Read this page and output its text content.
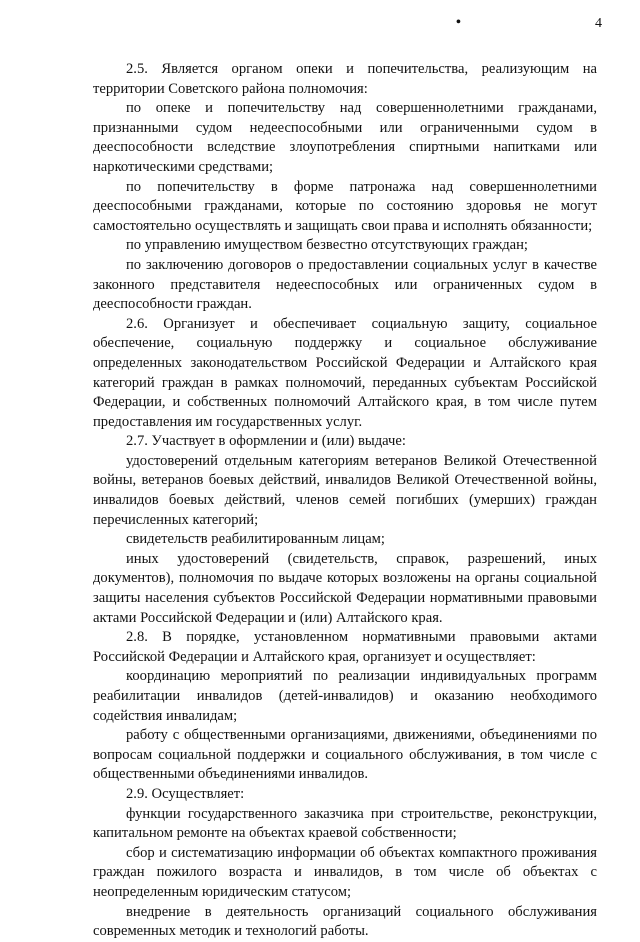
•	4

2.5. Является органом опеки и попечительства, реализующим на территории Советского района полномочия:

по опеке и попечительству над совершеннолетними гражданами, признанными судом недееспособными или ограниченными судом в дееспособности вследствие злоупотребления спиртными напитками или наркотическими средствами;

по попечительству в форме патронажа над совершеннолетними дееспособными гражданами, которые по состоянию здоровья не могут самостоятельно осуществлять и защищать свои права и исполнять обязанности;

по управлению имуществом безвестно отсутствующих граждан;

по заключению договоров о предоставлении социальных услуг в качестве законного представителя недееспособных или ограниченных судом в дееспособности граждан.

2.6. Организует и обеспечивает социальную защиту, социальное обеспечение, социальную поддержку и социальное обслуживание определенных законодательством Российской Федерации и Алтайского края категорий граждан в рамках полномочий, переданных субъектам Российской Федерации, и собственных полномочий Алтайского края, в том числе путем предоставления им государственных услуг.

2.7. Участвует в оформлении и (или) выдаче:

удостоверений отдельным категориям ветеранов Великой Отечественной войны, ветеранов боевых действий, инвалидов Великой Отечественной войны, инвалидов боевых действий, членов семей погибших (умерших) граждан перечисленных категорий;

свидетельств реабилитированным лицам;

иных удостоверений (свидетельств, справок, разрешений, иных документов), полномочия по выдаче которых возложены на органы социальной защиты населения субъектов Российской Федерации нормативными правовыми актами Российской Федерации и (или) Алтайского края.

2.8. В порядке, установленном нормативными правовыми актами Российской Федерации и Алтайского края, организует и осуществляет:

координацию мероприятий по реализации индивидуальных программ реабилитации инвалидов (детей-инвалидов) и оказанию необходимого содействия инвалидам;

работу с общественными организациями, движениями, объединениями по вопросам социальной поддержки и социального обслуживания, в том числе с общественными объединениями инвалидов.

2.9. Осуществляет:

функции государственного заказчика при строительстве, реконструкции, капитальном ремонте на объектах краевой собственности;

сбор и систематизацию информации об объектах компактного проживания граждан пожилого возраста и инвалидов, в том числе об объектах с неопределенным юридическим статусом;

внедрение в деятельность организаций социального обслуживания современных методик и технологий работы.
